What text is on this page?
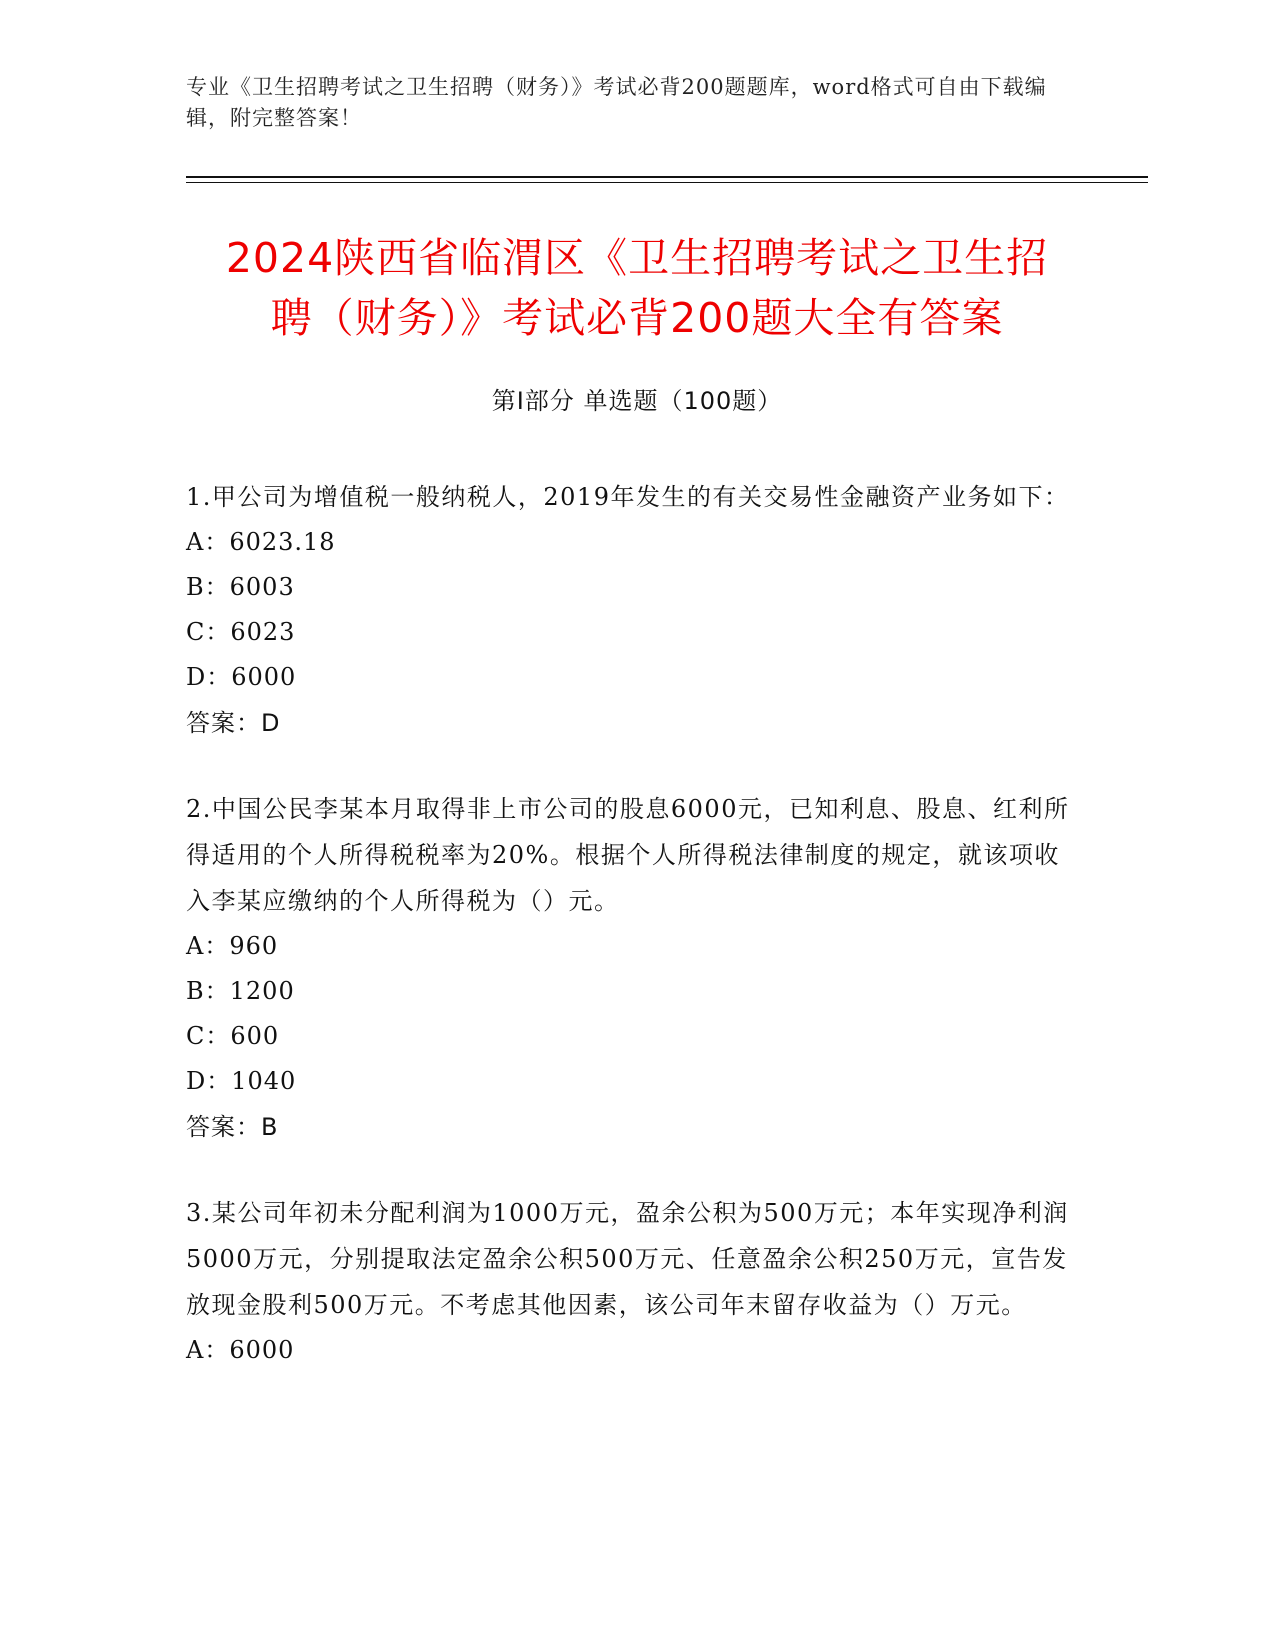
专业《卫生招聘考试之卫生招聘（财务）》考试必背200题题库，word格式可自由下载编辑，附完整答案！
2024陕西省临渭区《卫生招聘考试之卫生招
聘（财务）》考试必背200题大全有答案
第Ⅰ部分 单选题（100题）

1.甲公司为增值税一般纳税人，2019年发生的有关交易性金融资产业务如下：

A：6023.18

B：6003

C：6023

D：6000

答案：D

2.中国公民李某本月取得非上市公司的股息6000元，已知利息、股息、红利所得适用的个人所得税税率为20%。根据个人所得税法律制度的规定，就该项收入李某应缴纳的个人所得税为（）元。

A：960

B：1200

C：600

D：1040

答案：B

3.某公司年初未分配利润为1000万元，盈余公积为500万元；本年实现净利润5000万元，分别提取法定盈余公积500万元、任意盈余公积250万元，宣告发放现金股利500万元。不考虑其他因素，该公司年末留存收益为（）万元。

A：6000
